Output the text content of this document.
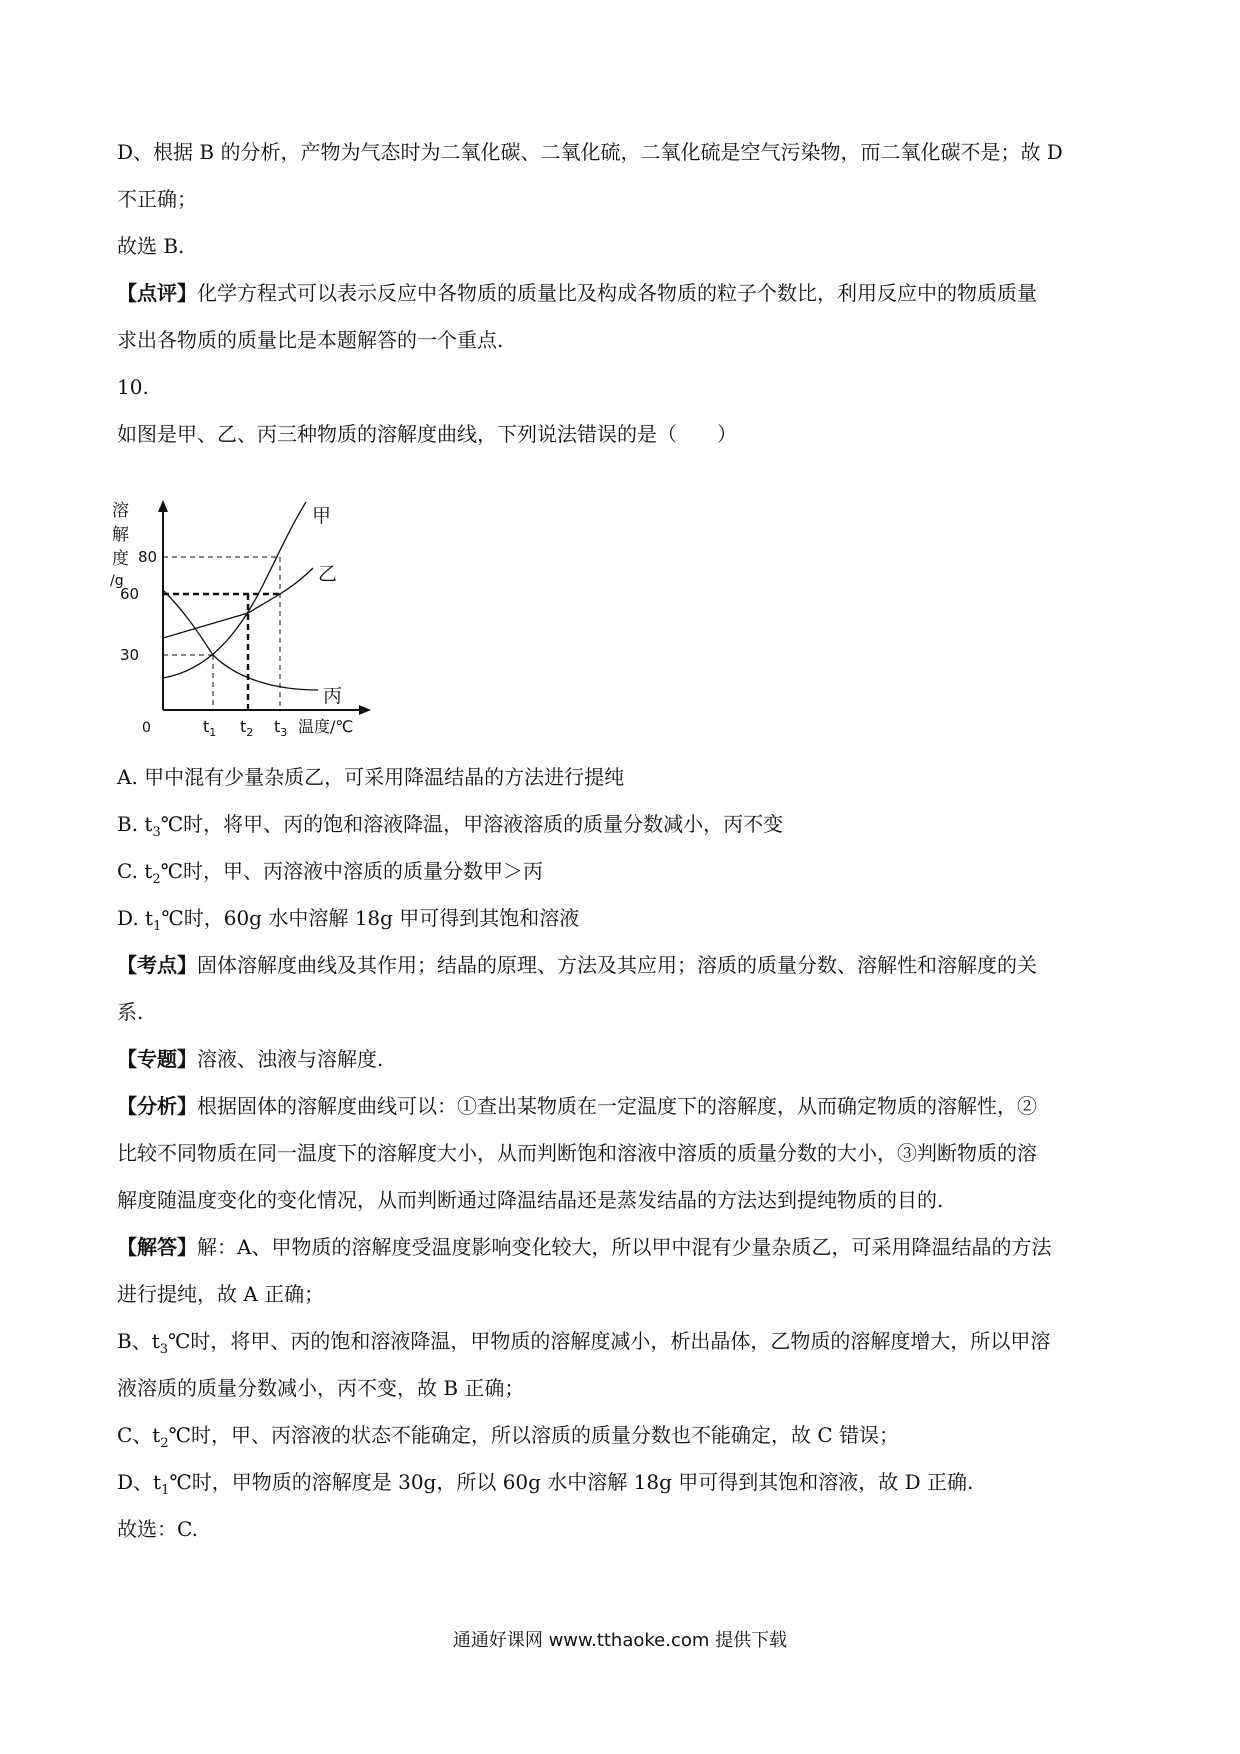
D、根据 B 的分析，产物为气态时为二氧化碳、二氧化硫，二氧化硫是空气污染物，而二氧化碳不是；故 D
不正确；
故选 B.
【点评】化学方程式可以表示反应中各物质的质量比及构成各物质的粒子个数比，利用反应中的物质质量
求出各物质的质量比是本题解答的一个重点.
10.
如图是甲、乙、丙三种物质的溶解度曲线，下列说法错误的是（　　）
溶
解
度
/g
80
60
30
0	$t_1$ $t_2$ $t_3$ 温度/℃
甲
乙
丙
A. 甲中混有少量杂质乙，可采用降温结晶的方法进行提纯
B. $t_3℃$时，将甲、丙的饱和溶液降温，甲溶液溶质的质量分数减小，丙不变
C. $t_2℃$时，甲、丙溶液中溶质的质量分数甲＞丙
D. $t_1℃$时，60g 水中溶解 18g 甲可得到其饱和溶液
【考点】固体溶解度曲线及其作用；结晶的原理、方法及其应用；溶质的质量分数、溶解性和溶解度的关
系.
【专题】溶液、浊液与溶解度.
【分析】根据固体的溶解度曲线可以：①查出某物质在一定温度下的溶解度，从而确定物质的溶解性，②
比较不同物质在同一温度下的溶解度大小，从而判断饱和溶液中溶质的质量分数的大小，③判断物质的溶
解度随温度变化的变化情况，从而判断通过降温结晶还是蒸发结晶的方法达到提纯物质的目的.
【解答】解：A、甲物质的溶解度受温度影响变化较大，所以甲中混有少量杂质乙，可采用降温结晶的方法
进行提纯，故 A 正确；
B、$t_3℃$时，将甲、丙的饱和溶液降温，甲物质的溶解度减小，析出晶体，乙物质的溶解度增大，所以甲溶
液溶质的质量分数减小，丙不变，故 B 正确；
C、$t_2℃$时，甲、丙溶液的状态不能确定，所以溶质的质量分数也不能确定，故 C 错误；
D、$t_1℃$时，甲物质的溶解度是 30g，所以 60g 水中溶解 18g 甲可得到其饱和溶液，故 D 正确.
故选：C.
通通好课网 www.tthaoke.com 提供下载
